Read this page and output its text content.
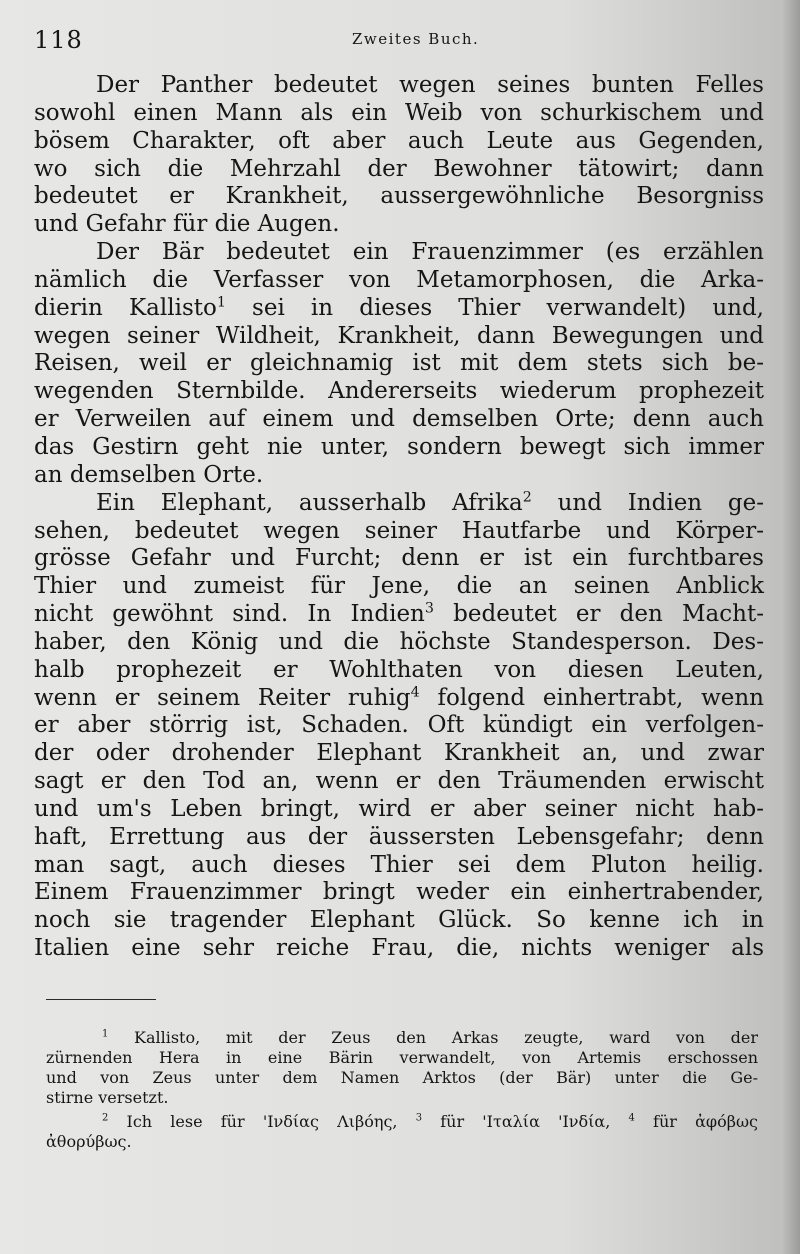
118	Zweites Buch.
Der Panther bedeutet wegen seines bunten Felles
sowohl einen Mann als ein Weib von schurkischem und
bösem Charakter, oft aber auch Leute aus Gegenden,
wo sich die Mehrzahl der Bewohner tätowirt; dann
bedeutet er Krankheit, aussergewöhnliche Besorgniss
und Gefahr für die Augen.
Der Bär bedeutet ein Frauenzimmer (es erzählen
nämlich die Verfasser von Metamorphosen, die Arka-
dierin Kallisto$^1$ sei in dieses Thier verwandelt) und,
wegen seiner Wildheit, Krankheit, dann Bewegungen und
Reisen, weil er gleichnamig ist mit dem stets sich be-
wegenden Sternbilde. Andererseits wiederum prophezeit
er Verweilen auf einem und demselben Orte; denn auch
das Gestirn geht nie unter, sondern bewegt sich immer
an demselben Orte.
Ein Elephant, ausserhalb Afrika$^2$ und Indien ge-
sehen, bedeutet wegen seiner Hautfarbe und Körper-
grösse Gefahr und Furcht; denn er ist ein furchtbares
Thier und zumeist für Jene, die an seinen Anblick
nicht gewöhnt sind. In Indien$^3$ bedeutet er den Macht-
haber, den König und die höchste Standesperson. Des-
halb prophezeit er Wohlthaten von diesen Leuten,
wenn er seinem Reiter ruhig$^4$ folgend einhertrabt, wenn
er aber störrig ist, Schaden. Oft kündigt ein verfolgen-
der oder drohender Elephant Krankheit an, und zwar
sagt er den Tod an, wenn er den Träumenden erwischt
und um's Leben bringt, wird er aber seiner nicht hab-
haft, Errettung aus der äussersten Lebensgefahr; denn
man sagt, auch dieses Thier sei dem Pluton heilig.
Einem Frauenzimmer bringt weder ein einhertrabender,
noch sie tragender Elephant Glück. So kenne ich in
Italien eine sehr reiche Frau, die, nichts weniger als
$^1$ Kallisto, mit der Zeus den Arkas zeugte, ward von der
zürnenden Hera in eine Bärin verwandelt, von Artemis erschossen
und von Zeus unter dem Namen Arktos (der Bär) unter die Ge-
stirne versetzt.
$^2$ Ich lese für 'Ινδίας Λιβόης, $^3$ für 'Ιταλία 'Ινδία, $^4$ für ἀφόβως
ἀθορύβως.
